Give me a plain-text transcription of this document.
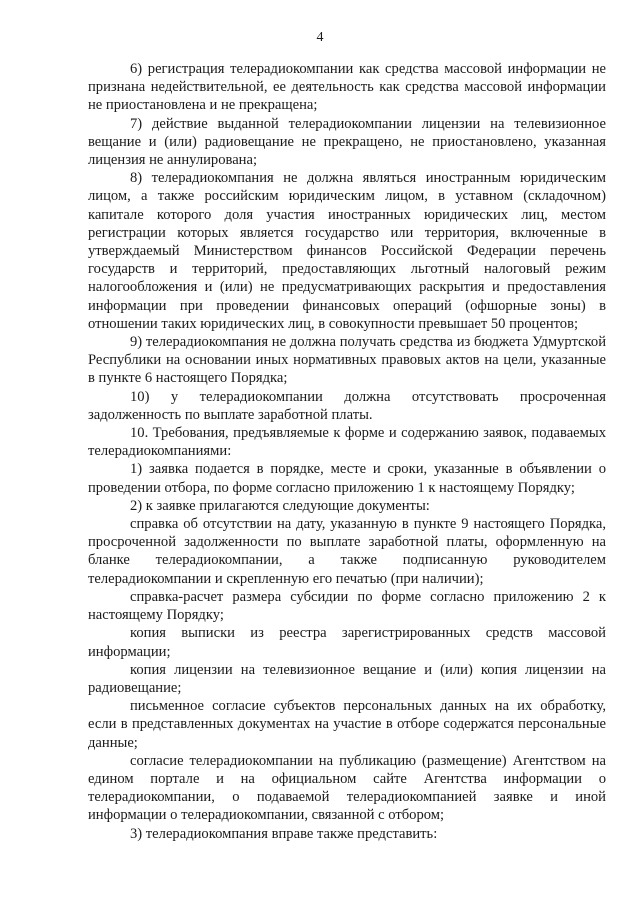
4

6) регистрация телерадиокомпании как средства массовой информации не признана недействительной, ее деятельность как средства массовой информации не приостановлена и не прекращена;

7) действие выданной телерадиокомпании лицензии на телевизионное вещание и (или) радиовещание не прекращено, не приостановлено, указанная лицензия не аннулирована;

8) телерадиокомпания не должна являться иностранным юридическим лицом, а также российским юридическим лицом, в уставном (складочном) капитале которого доля участия иностранных юридических лиц, местом регистрации которых является государство или территория, включенные в утверждаемый Министерством финансов Российской Федерации перечень государств и территорий, предоставляющих льготный налоговый режим налогообложения и (или) не предусматривающих раскрытия и предоставления информации при проведении финансовых операций (офшорные зоны) в отношении таких юридических лиц, в совокупности превышает 50 процентов;

9) телерадиокомпания не должна получать средства из бюджета Удмуртской Республики на основании иных нормативных правовых актов на цели, указанные в пункте 6 настоящего Порядка;

10) у телерадиокомпании должна отсутствовать просроченная задолженность по выплате заработной платы.

10. Требования, предъявляемые к форме и содержанию заявок, подаваемых телерадиокомпаниями:

1) заявка подается в порядке, месте и сроки, указанные в объявлении о проведении отбора, по форме согласно приложению 1 к настоящему Порядку;

2) к заявке прилагаются следующие документы:

справка об отсутствии на дату, указанную в пункте 9 настоящего Порядка, просроченной задолженности по выплате заработной платы, оформленную на бланке телерадиокомпании, а также подписанную руководителем телерадиокомпании и скрепленную его печатью (при наличии);

справка-расчет размера субсидии по форме согласно приложению 2 к настоящему Порядку;

копия выписки из реестра зарегистрированных средств массовой информации;

копия лицензии на телевизионное вещание и (или) копия лицензии на радиовещание;

письменное согласие субъектов персональных данных на их обработку, если в представленных документах на участие в отборе содержатся персональные данные;

согласие телерадиокомпании на публикацию (размещение) Агентством на едином портале и на официальном сайте Агентства информации о телерадиокомпании, о подаваемой телерадиокомпанией заявке и иной информации о телерадиокомпании, связанной с отбором;

3) телерадиокомпания вправе также представить:
